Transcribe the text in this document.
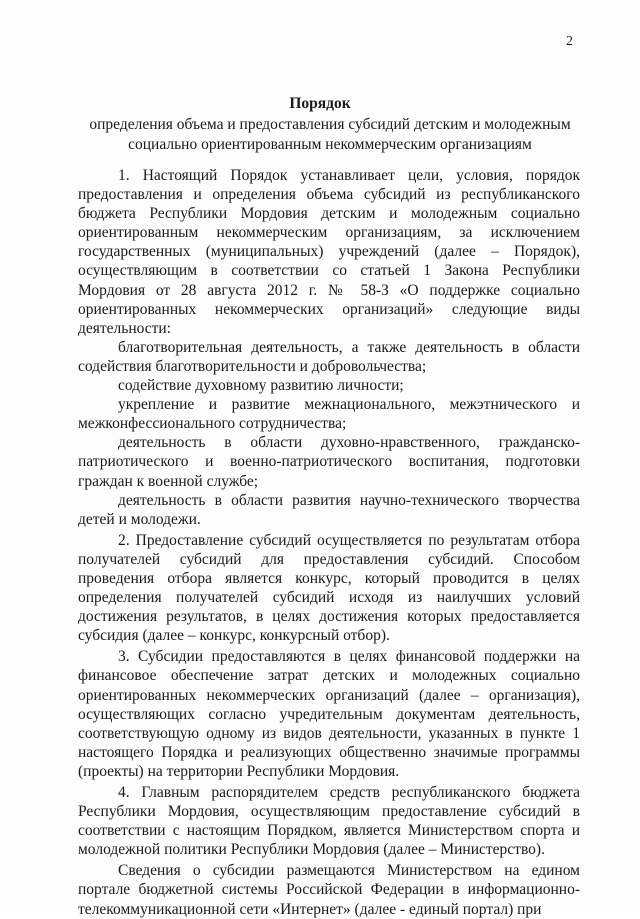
2
Порядок
определения объема и предоставления субсидий детским и молодежным социально ориентированным некоммерческим организациям

1. Настоящий Порядок устанавливает цели, условия, порядок предоставления и определения объема субсидий из республиканского бюджета Республики Мордовия детским и молодежным социально ориентированным некоммерческим организациям, за исключением государственных (муниципальных) учреждений (далее – Порядок), осуществляющим в соответствии со статьей 1 Закона Республики Мордовия от 28 августа 2012 г. № 58-З «О поддержке социально ориентированных некоммерческих организаций» следующие виды деятельности:

благотворительная деятельность, а также деятельность в области содействия благотворительности и добровольчества;

содействие духовному развитию личности;

укрепление и развитие межнационального, межэтнического и межконфессионального сотрудничества;

деятельность в области духовно-нравственного, гражданско-патриотического и военно-патриотического воспитания, подготовки граждан к военной службе;

деятельность в области развития научно-технического творчества детей и молодежи.

2. Предоставление субсидий осуществляется по результатам отбора получателей субсидий для предоставления субсидий. Способом проведения отбора является конкурс, который проводится в целях определения получателей субсидий исходя из наилучших условий достижения результатов, в целях достижения которых предоставляется субсидия (далее – конкурс, конкурсный отбор).

3. Субсидии предоставляются в целях финансовой поддержки на финансовое обеспечение затрат детских и молодежных социально ориентированных некоммерческих организаций (далее – организация), осуществляющих согласно учредительным документам деятельность, соответствующую одному из видов деятельности, указанных в пункте 1 настоящего Порядка и реализующих общественно значимые программы (проекты) на территории Республики Мордовия.

4. Главным распорядителем средств республиканского бюджета Республики Мордовия, осуществляющим предоставление субсидий в соответствии с настоящим Порядком, является Министерством спорта и молодежной политики Республики Мордовия (далее – Министерство).

Сведения о субсидии размещаются Министерством на едином портале бюджетной системы Российской Федерации в информационно-телекоммуникационной сети «Интернет» (далее - единый портал) при
